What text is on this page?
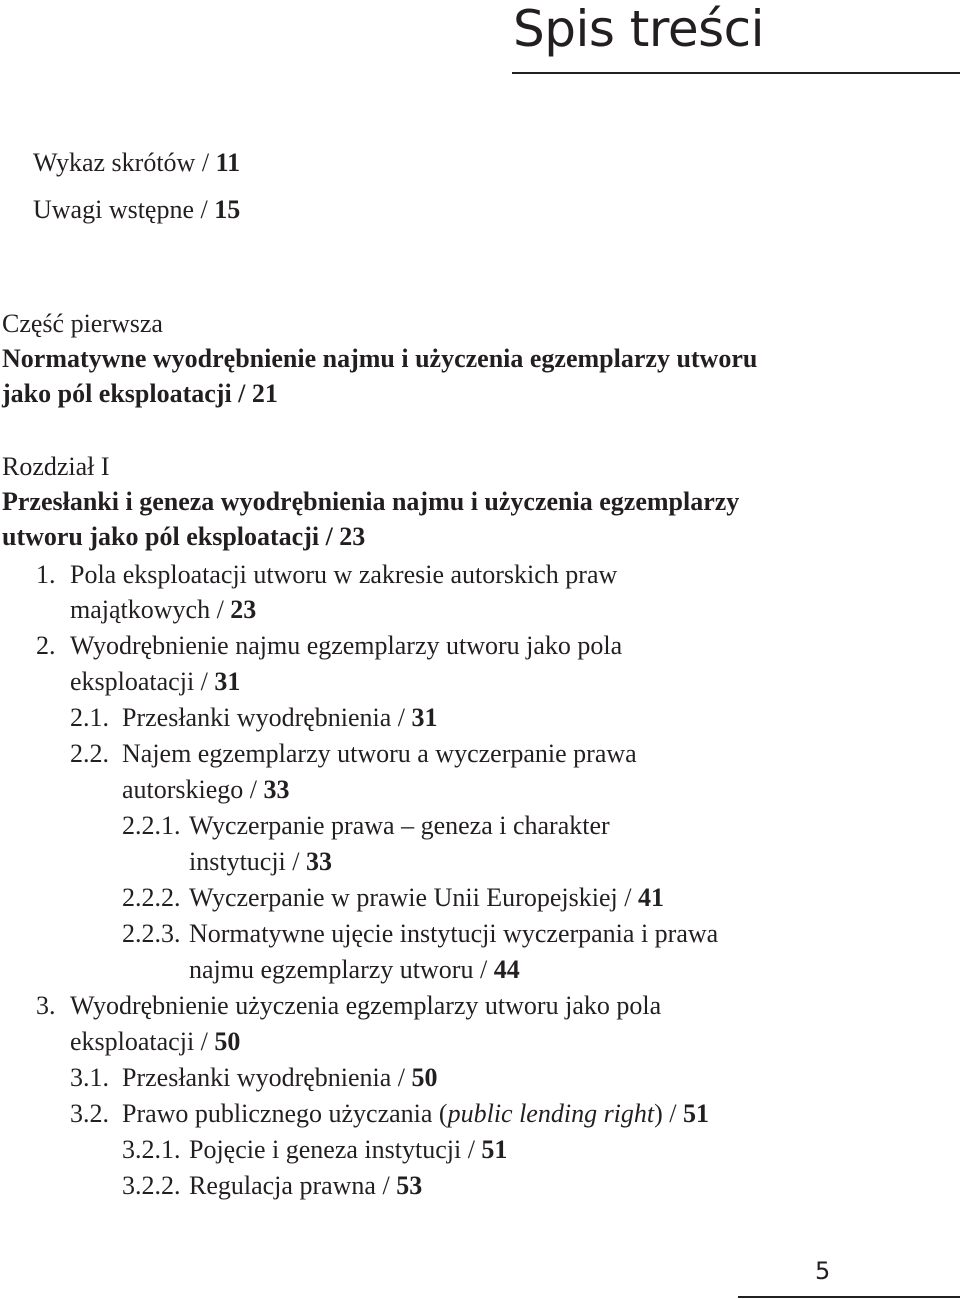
Spis treści
Wykaz skrótów / 11
Uwagi wstępne / 15
Część pierwsza
Normatywne wyodrębnienie najmu i użyczenia egzemplarzy utworu
jako pól eksploatacji / 21
Rozdział I
Przesłanki i geneza wyodrębnienia najmu i użyczenia egzemplarzy
utworu jako pól eksploatacji / 23
1. Pola eksploatacji utworu w zakresie autorskich praw
majątkowych / 23
2. Wyodrębnienie najmu egzemplarzy utworu jako pola
eksploatacji / 31
2.1. Przesłanki wyodrębnienia / 31
2.2. Najem egzemplarzy utworu a wyczerpanie prawa
autorskiego / 33
2.2.1. Wyczerpanie prawa – geneza i charakter
instytucji / 33
2.2.2. Wyczerpanie w prawie Unii Europejskiej / 41
2.2.3. Normatywne ujęcie instytucji wyczerpania i prawa
najmu egzemplarzy utworu / 44
3. Wyodrębnienie użyczenia egzemplarzy utworu jako pola
eksploatacji / 50
3.1. Przesłanki wyodrębnienia / 50
3.2. Prawo publicznego użyczania (public lending right) / 51
3.2.1. Pojęcie i geneza instytucji / 51
3.2.2. Regulacja prawna / 53
5
